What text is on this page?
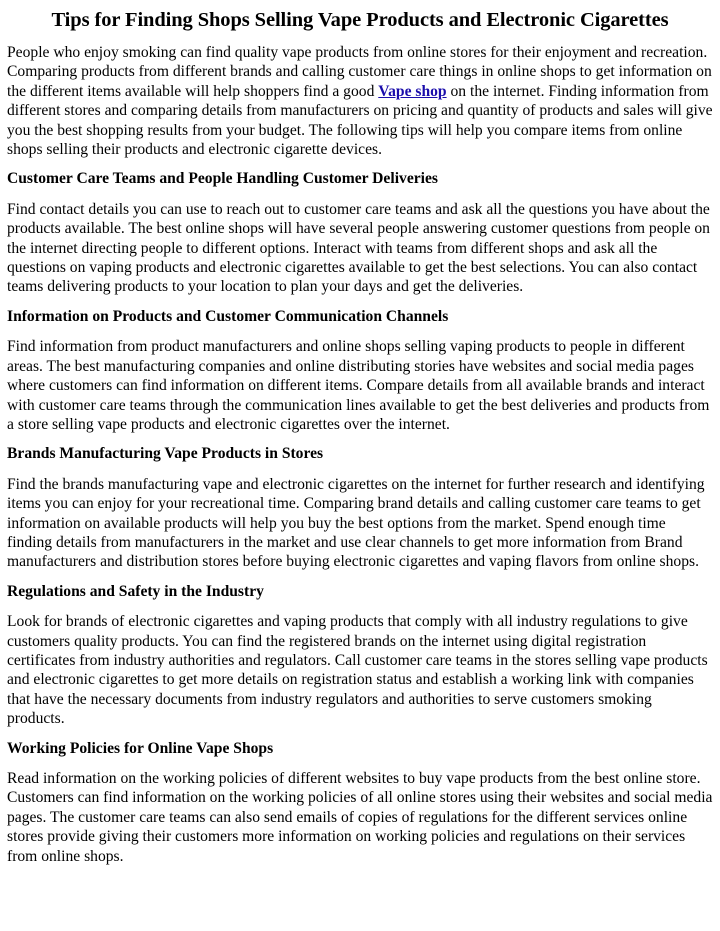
Tips for Finding Shops Selling Vape Products and Electronic Cigarettes

People who enjoy smoking can find quality vape products from online stores for their enjoyment and recreation. Comparing products from different brands and calling customer care things in online shops to get information on the different items available will help shoppers find a good Vape shop on the internet. Finding information from different stores and comparing details from manufacturers on pricing and quantity of products and sales will give you the best shopping results from your budget. The following tips will help you compare items from online shops selling their products and electronic cigarette devices.

Customer Care Teams and People Handling Customer Deliveries

Find contact details you can use to reach out to customer care teams and ask all the questions you have about the products available. The best online shops will have several people answering customer questions from people on the internet directing people to different options. Interact with teams from different shops and ask all the questions on vaping products and electronic cigarettes available to get the best selections. You can also contact teams delivering products to your location to plan your days and get the deliveries.

Information on Products and Customer Communication Channels

Find information from product manufacturers and online shops selling vaping products to people in different areas. The best manufacturing companies and online distributing stories have websites and social media pages where customers can find information on different items. Compare details from all available brands and interact with customer care teams through the communication lines available to get the best deliveries and products from a store selling vape products and electronic cigarettes over the internet.

Brands Manufacturing Vape Products in Stores

Find the brands manufacturing vape and electronic cigarettes on the internet for further research and identifying items you can enjoy for your recreational time. Comparing brand details and calling customer care teams to get information on available products will help you buy the best options from the market. Spend enough time finding details from manufacturers in the market and use clear channels to get more information from Brand manufacturers and distribution stores before buying electronic cigarettes and vaping flavors from online shops.

Regulations and Safety in the Industry

Look for brands of electronic cigarettes and vaping products that comply with all industry regulations to give customers quality products. You can find the registered brands on the internet using digital registration certificates from industry authorities and regulators. Call customer care teams in the stores selling vape products and electronic cigarettes to get more details on registration status and establish a working link with companies that have the necessary documents from industry regulators and authorities to serve customers smoking products.

Working Policies for Online Vape Shops

Read information on the working policies of different websites to buy vape products from the best online store. Customers can find information on the working policies of all online stores using their websites and social media pages. The customer care teams can also send emails of copies of regulations for the different services online stores provide giving their customers more information on working policies and regulations on their services from online shops.
